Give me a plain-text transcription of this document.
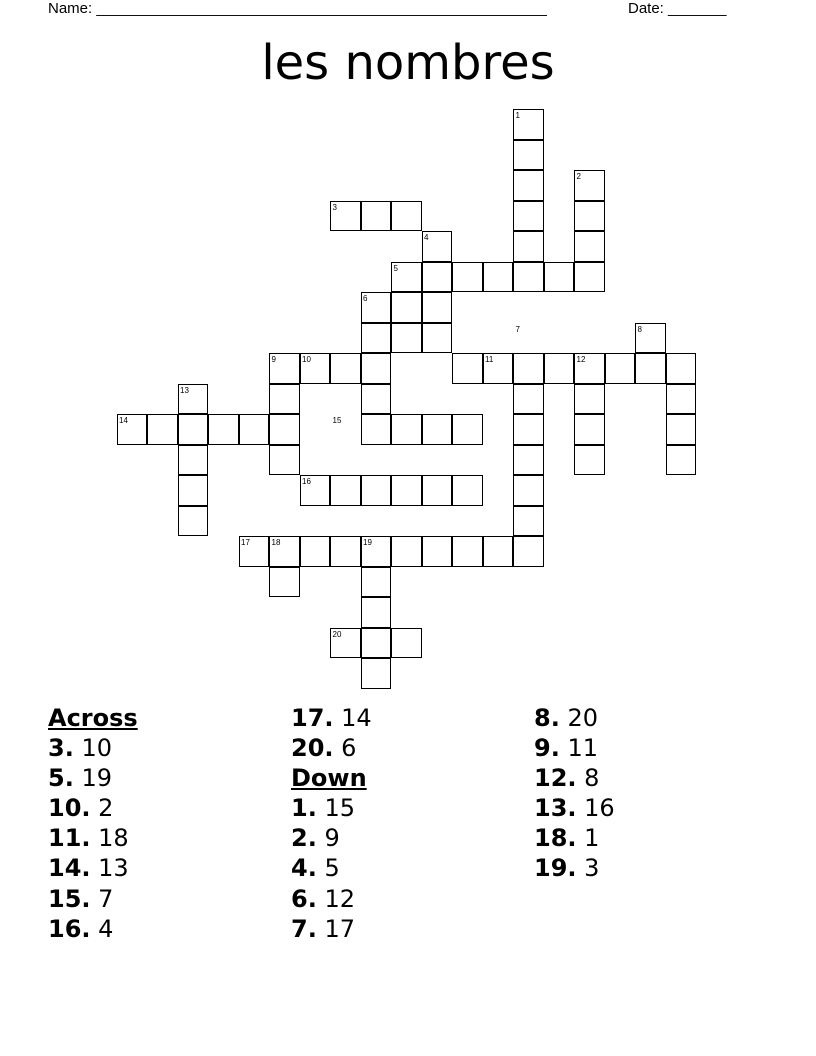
Name: ______________________________________________________	Date: _______
les nombres
1
2
3
4
5
6
7	8
9	10	11	12
13
14	15
16
17	18	19
20
Across
3. 10
5. 19
10. 2
11. 18
14. 13
15. 7
16. 4
17. 14
20. 6
Down
1. 15
2. 9
4. 5
6. 12
7. 17
8. 20
9. 11
12. 8
13. 16
18. 1
19. 3
